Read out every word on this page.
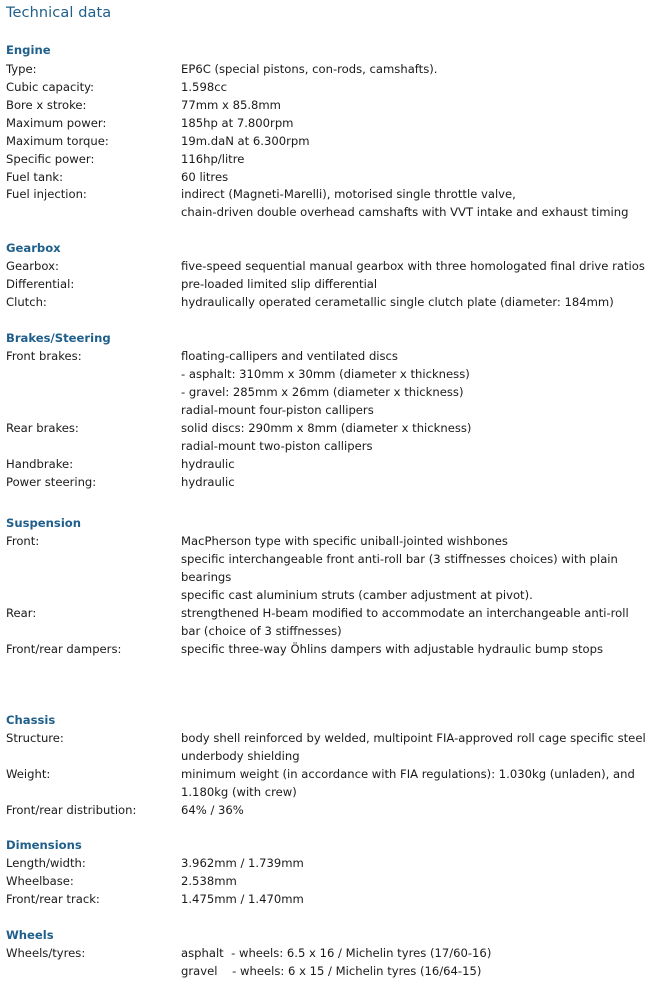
Technical data
Engine
Type:	EP6C (special pistons, con-rods, camshafts).
Cubic capacity:	1.598cc
Bore x stroke:	77mm x 85.8mm
Maximum power:	185hp at 7.800rpm
Maximum torque:	19m.daN at 6.300rpm
Specific power:	116hp/litre
Fuel tank:	60 litres
Fuel injection:	indirect (Magneti-Marelli), motorised single throttle valve,
chain-driven double overhead camshafts with VVT intake and exhaust timing
Gearbox
Gearbox:	five-speed sequential manual gearbox with three homologated final drive ratios
Differential:	pre-loaded limited slip differential
Clutch:	hydraulically operated cerametallic single clutch plate (diameter: 184mm)
Brakes/Steering
Front brakes:	floating-callipers and ventilated discs
- asphalt: 310mm x 30mm (diameter x thickness)
- gravel: 285mm x 26mm (diameter x thickness)
radial-mount four-piston callipers
Rear brakes:	solid discs: 290mm x 8mm (diameter x thickness)
radial-mount two-piston callipers
Handbrake:	hydraulic
Power steering:	hydraulic
Suspension
Front:	MacPherson type with specific uniball-jointed wishbones
specific interchangeable front anti-roll bar (3 stiffnesses choices) with plain
bearings
specific cast aluminium struts (camber adjustment at pivot).
Rear:	strengthened H-beam modified to accommodate an interchangeable anti-roll
bar (choice of 3 stiffnesses)
Front/rear dampers:	specific three-way Öhlins dampers with adjustable hydraulic bump stops
Chassis
Structure:	body shell reinforced by welded, multipoint FIA-approved roll cage specific steel
underbody shielding
Weight:	minimum weight (in accordance with FIA regulations): 1.030kg (unladen), and
1.180kg (with crew)
Front/rear distribution:	64% / 36%
Dimensions
Length/width:	3.962mm / 1.739mm
Wheelbase:	2.538mm
Front/rear track:	1.475mm / 1.470mm
Wheels
Wheels/tyres:	asphalt  - wheels: 6.5 x 16 / Michelin tyres (17/60-16)
gravel    - wheels: 6 x 15 / Michelin tyres (16/64-15)
